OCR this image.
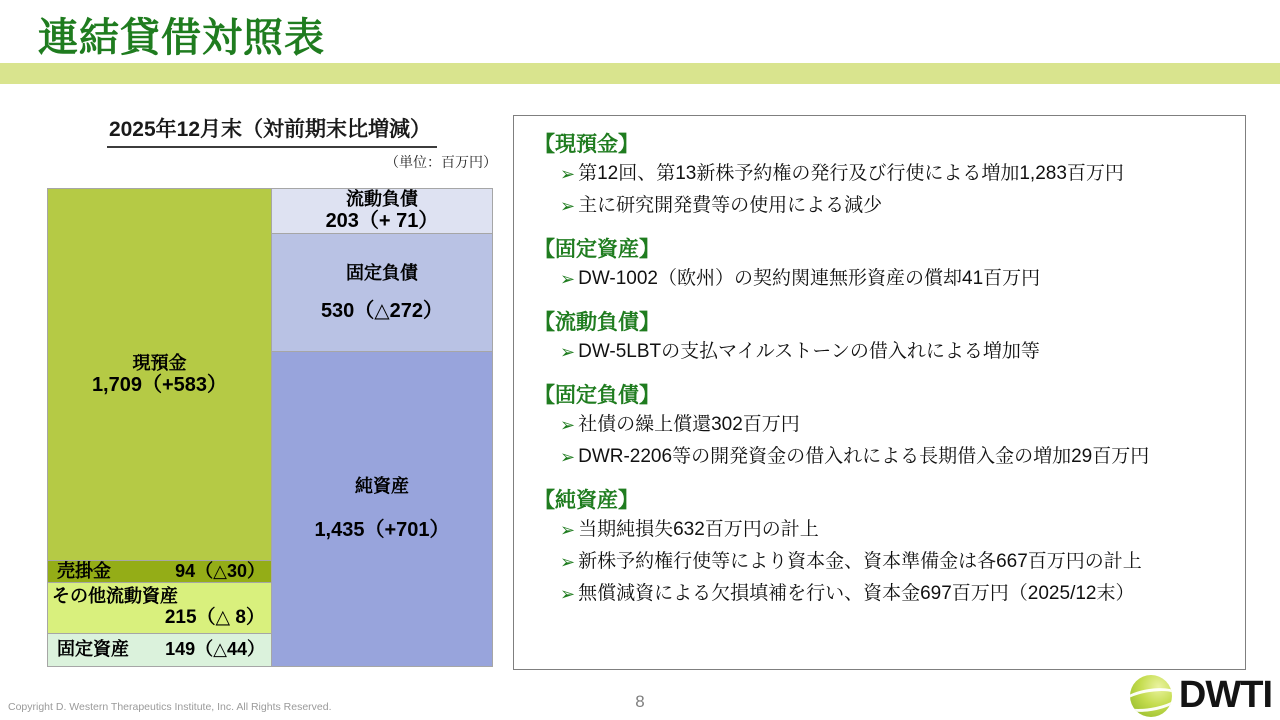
連結貸借対照表
2025年12月末（対前期末比増減）
（単位：百万円）
現預金
1,709（+583）
売掛金	94（△30）
その他流動資産
215（△ 8）
固定資産 149（△44）
流動負債
203（+ 71）
固定負債
530（△272）
純資産
1,435（+701）
【現預金】
➢ 第12回、第13新株予約権の発行及び行使による増加1,283百万円
➢ 主に研究開発費等の使用による減少
【固定資産】
➢ DW-1002（欧州）の契約関連無形資産の償却41百万円
【流動負債】
➢ DW-5LBTの支払マイルストーンの借入れによる増加等
【固定負債】
➢ 社債の繰上償還302百万円
➢ DWR-2206等の開発資金の借入れによる長期借入金の増加29百万円
【純資産】
➢ 当期純損失632百万円の計上
➢ 新株予約権行使等により資本金、資本準備金は各667百万円の計上
➢ 無償減資による欠損填補を行い、資本金697百万円（2025/12末）
Copyright D. Western Therapeutics Institute, Inc. All Rights Reserved.	8	DWTI
